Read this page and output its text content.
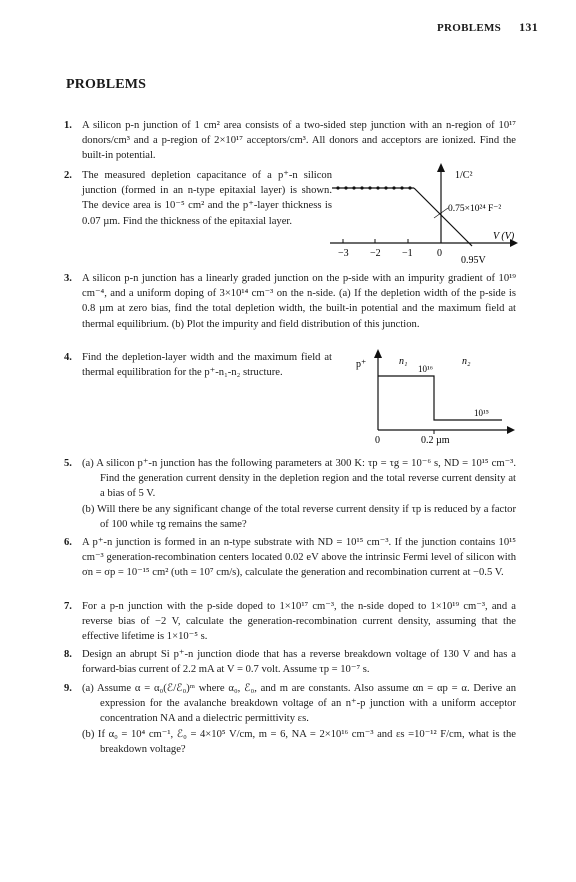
PROBLEMS 131
PROBLEMS
1. A silicon p-n junction of 1 cm² area consists of a two-sided step junction with an n-region of 10¹⁷ donors/cm³ and a p-region of 2×10¹⁷ acceptors/cm³. All donors and acceptors are ionized. Find the built-in potential.
2. The measured depletion capacitance of a p⁺-n silicon junction (formed in an n-type epitaxial layer) is shown. The device area is 10⁻⁵ cm² and the p⁺-layer thickness is 0.07 µm. Find the thickness of the epitaxial layer.
1/C²
0.75×10²⁴ F⁻²
V (V)
−3 −2 −1 0
0.95V
3. A silicon p-n junction has a linearly graded junction on the p-side with an impurity gradient of 10¹⁹ cm⁻⁴, and a uniform doping of 3×10¹⁴ cm⁻³ on the n-side. (a) If the depletion width of the p-side is 0.8 µm at zero bias, find the total depletion width, the built-in potential and the maximum field at thermal equilibrium. (b) Plot the impurity and field distribution of this junction.
4. Find the depletion-layer width and the maximum field at thermal equilibration for the p⁺-n₁-n₂ structure.
p⁺	n₁
10¹⁶
n₂
10¹⁵
0	0.2 µm
5. (a) A silicon p⁺-n junction has the following parameters at 300 K: τp = τg = 10⁻⁶ s, ND = 10¹⁵ cm⁻³. Find the generation current density in the depletion region and the total reverse current density at a bias of 5 V.
(b) Will there be any significant change of the total reverse current density if τp is reduced by a factor of 100 while τg remains the same?
6. A p⁺-n junction is formed in an n-type substrate with ND = 10¹⁵ cm⁻³. If the junction contains 10¹⁵ cm⁻³ generation-recombination centers located 0.02 eV above the intrinsic Fermi level of silicon with σn = σp = 10⁻¹⁵ cm² (υth = 10⁷ cm/s), calculate the generation and recombination current at −0.5 V.
7. For a p-n junction with the p-side doped to 1×10¹⁷ cm⁻³, the n-side doped to 1×10¹⁹ cm⁻³, and a reverse bias of −2 V, calculate the generation-recombination current density, assuming that the effective lifetime is 1×10⁻⁵ s.
8. Design an abrupt Si p⁺-n junction diode that has a reverse breakdown voltage of 130 V and has a forward-bias current of 2.2 mA at V = 0.7 volt. Assume τp = 10⁻⁷ s.
9. (a) Assume α = α₀(ℰ/ℰ₀)ᵐ where α₀, ℰ₀, and m are constants. Also assume αn = αp = α. Derive an expression for the avalanche breakdown voltage of an n⁺-p junction with a uniform acceptor concentration NA and a dielectric permittivity εs.
(b) If α₀ = 10⁴ cm⁻¹, ℰ₀ = 4×10⁵ V/cm, m = 6, NA = 2×10¹⁶ cm⁻³ and εs =10⁻¹² F/cm, what is the breakdown voltage?
